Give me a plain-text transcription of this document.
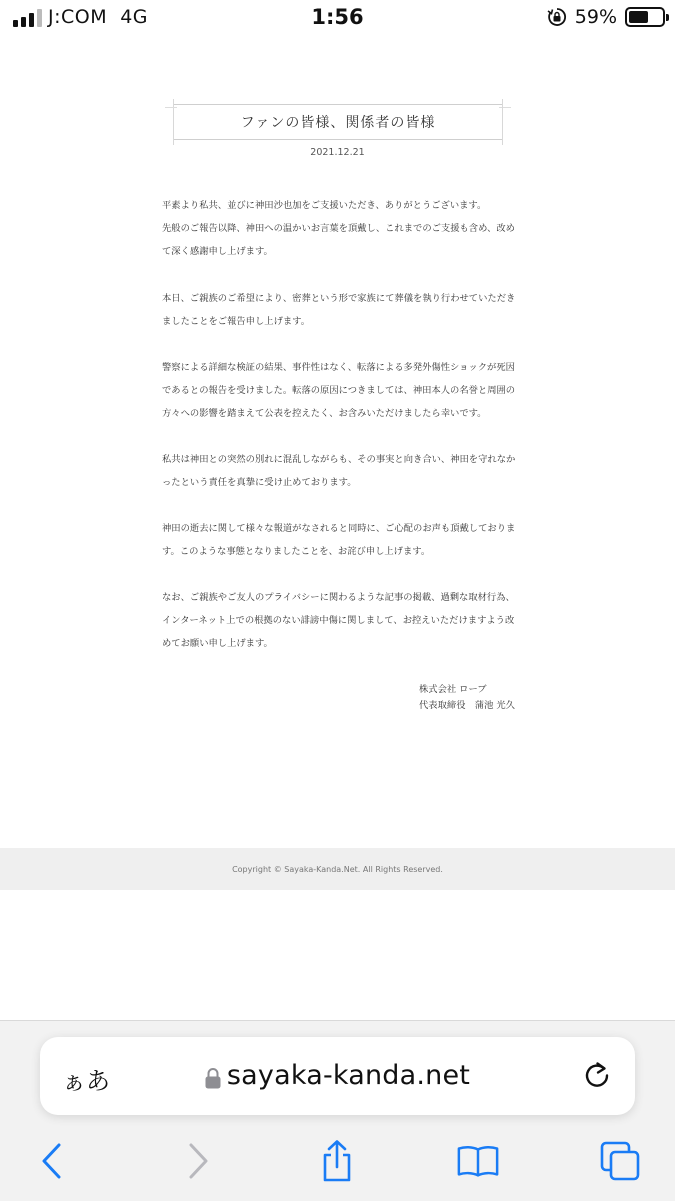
J:COM 4G	1:56	59%
ファンの皆様、関係者の皆様
2021.12.21

平素より私共、並びに神田沙也加をご支援いただき、ありがとうございます。
先般のご報告以降、神田への温かいお言葉を頂戴し、これまでのご支援も含め、改めて深く感謝申し上げます。

本日、ご親族のご希望により、密葬という形で家族にて葬儀を執り行わせていただきましたことをご報告申し上げます。

警察による詳細な検証の結果、事件性はなく、転落による多発外傷性ショックが死因であるとの報告を受けました。転落の原因につきましては、神田本人の名誉と周囲の方々への影響を踏まえて公表を控えたく、お含みいただけましたら幸いです。

私共は神田との突然の別れに混乱しながらも、その事実と向き合い、神田を守れなかったという責任を真摯に受け止めております。

神田の逝去に関して様々な報道がなされると同時に、ご心配のお声も頂戴しております。このような事態となりましたことを、お詫び申し上げます。

なお、ご親族やご友人のプライバシーに関わるような記事の掲載、過剰な取材行為、インターネット上での根拠のない誹謗中傷に関しまして、お控えいただけますよう改めてお願い申し上げます。

株式会社 ローブ
代表取締役　蒲池 光久
Copyright © Sayaka-Kanda.Net. All Rights Reserved.
ぁあ	sayaka-kanda.net
